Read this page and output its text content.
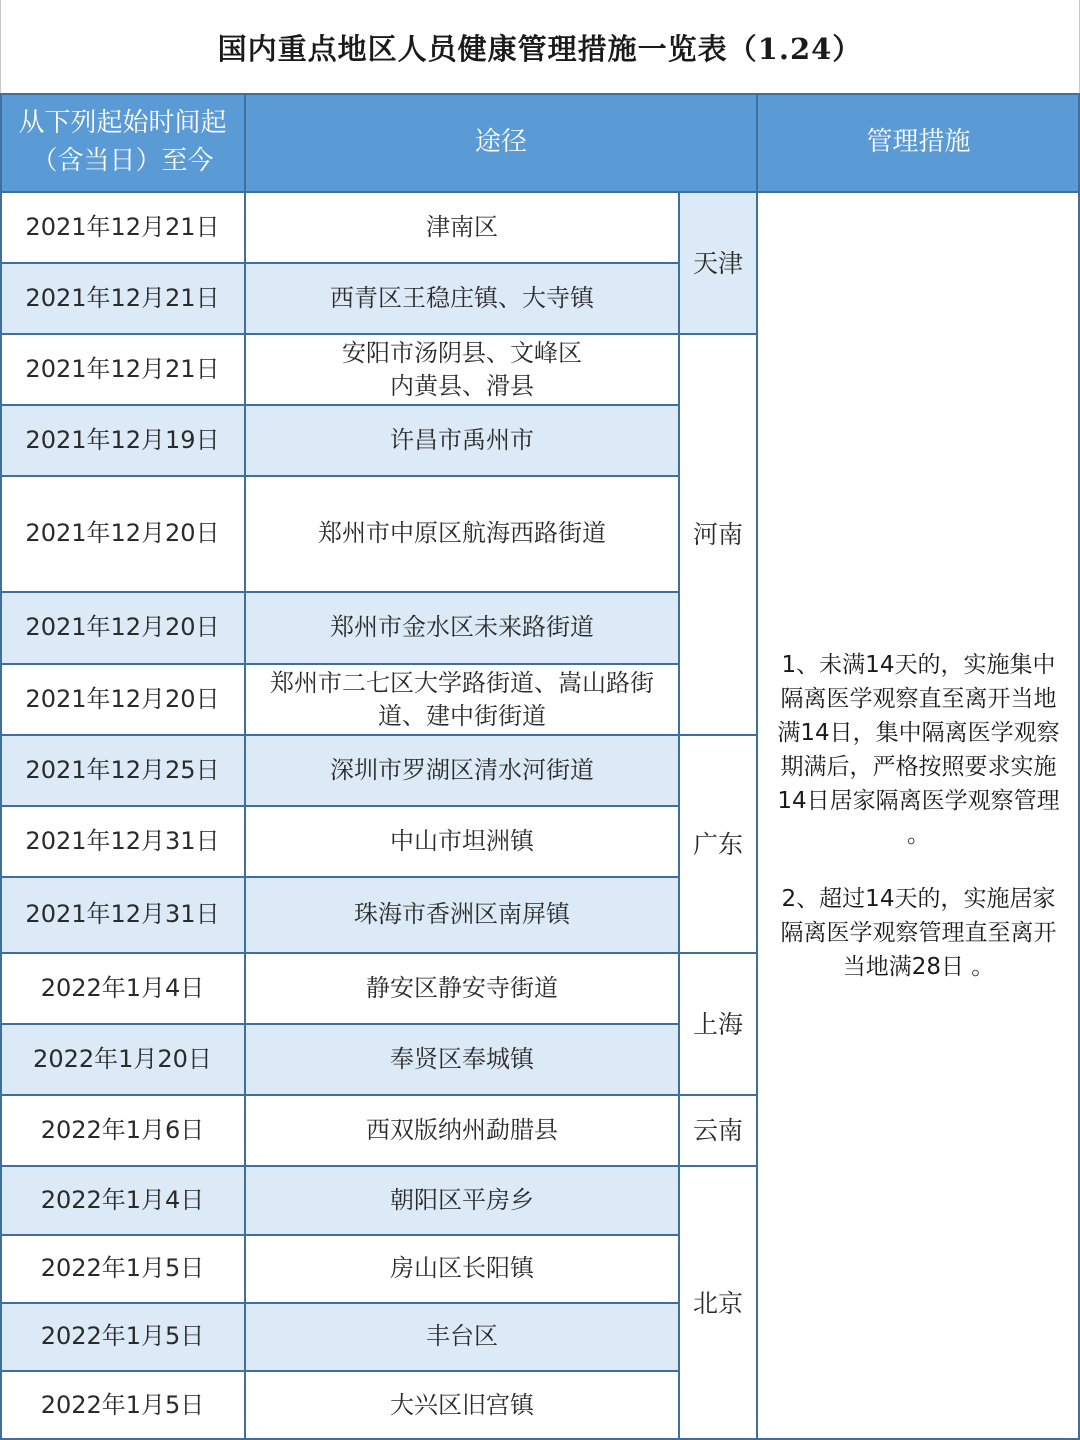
国内重点地区人员健康管理措施一览表（1.24）
从下列起始时间起
（含当日）至今
途径	管理措施
2021年12月21日
2021年12月21日
2021年12月21日
2021年12月19日
2021年12月20日
2021年12月20日
2021年12月20日
2021年12月25日
2021年12月31日
2021年12月31日
2022年1月4日
2022年1月20日
2022年1月6日
2022年1月4日
2022年1月5日
2022年1月5日
2022年1月5日
津南区
西青区王稳庄镇、大寺镇
安阳市汤阴县、文峰区
内黄县、滑县
许昌市禹州市
郑州市中原区航海西路街道
郑州市金水区未来路街道
郑州市二七区大学路街道、嵩山路街
道、建中街街道
深圳市罗湖区清水河街道
中山市坦洲镇
珠海市香洲区南屏镇
静安区静安寺街道
奉贤区奉城镇
西双版纳州勐腊县
朝阳区平房乡
房山区长阳镇
丰台区
大兴区旧宫镇
天津
河南
广东
上海
云南
北京

1、未满14天的，实施集中

隔离医学观察直至离开当地

满14日，集中隔离医学观察

期满后，严格按照要求实施

14日居家隔离医学观察管理

。

2、超过14天的，实施居家

隔离医学观察管理直至离开

当地满28日 。
